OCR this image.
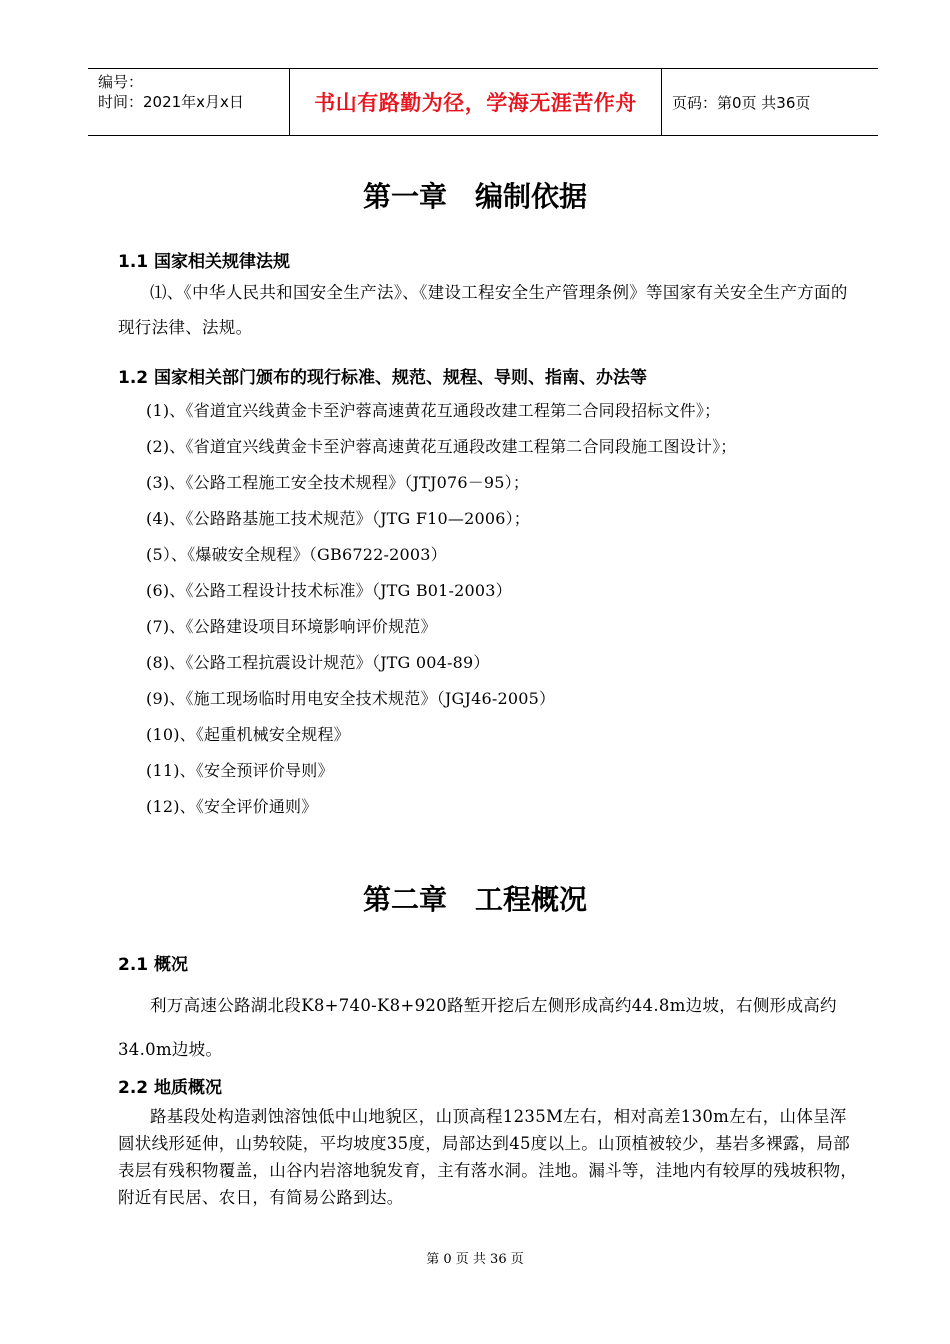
编号：
时间：2021年x月x日	书山有路勤为径，学海无涯苦作舟	页码：第0页 共36页
第一章　编制依据
1.1 国家相关规律法规
⑴、《中华人民共和国安全生产法》、《建设工程安全生产管理条例》等国家有关安全生产方面的现行法律、法规。
1.2 国家相关部门颁布的现行标准、规范、规程、导则、指南、办法等
(1)、《省道宜兴线黄金卡至沪蓉高速黄花互通段改建工程第二合同段招标文件》；
(2)、《省道宜兴线黄金卡至沪蓉高速黄花互通段改建工程第二合同段施工图设计》；
(3)、《公路工程施工安全技术规程》（JTJ076－95）；
(4)、《公路路基施工技术规范》（JTG F10—2006）；
(5）、《爆破安全规程》（GB6722-2003）
(6)、《公路工程设计技术标准》（JTG B01-2003）
(7)、《公路建设项目环境影响评价规范》
(8)、《公路工程抗震设计规范》（JTG 004-89）
(9)、《施工现场临时用电安全技术规范》（JGJ46-2005）
(10)、《起重机械安全规程》
(11)、《安全预评价导则》
(12)、《安全评价通则》
第二章　工程概况
2.1 概况
利万高速公路湖北段K8+740-K8+920路堑开挖后左侧形成高约44.8m边坡，右侧形成高约34.0m边坡。
2.2 地质概况
路基段处构造剥蚀溶蚀低中山地貌区，山顶高程1235M左右，相对高差130m左右，山体呈浑圆状线形延伸，山势较陡，平均坡度35度，局部达到45度以上。山顶植被较少，基岩多裸露，局部表层有残积物覆盖，山谷内岩溶地貌发育，主有落水洞。洼地。漏斗等，洼地内有较厚的残坡积物，附近有民居、农日，有简易公路到达。
第 0 页 共 36 页
